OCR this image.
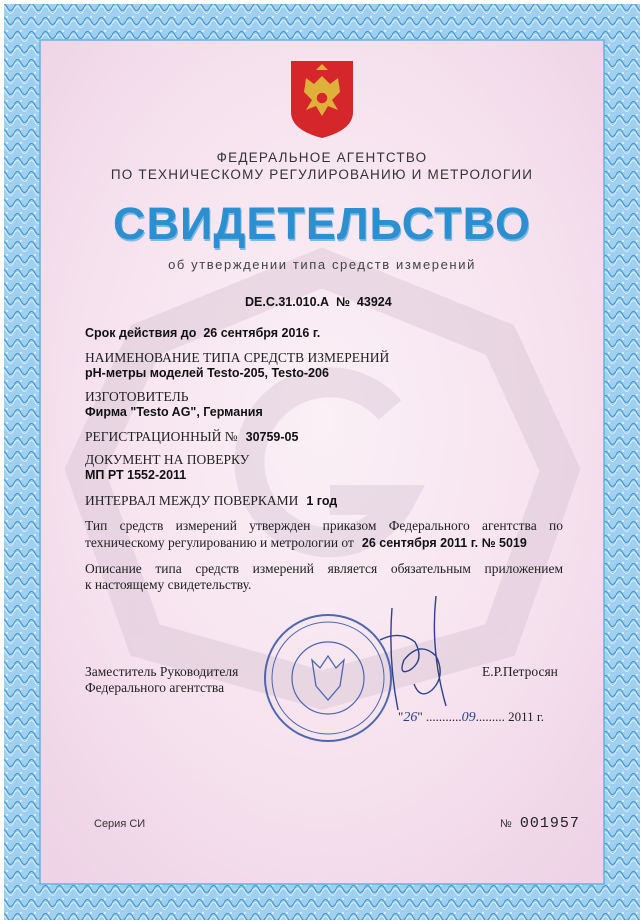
ФЕДЕРАЛЬНОЕ АГЕНТСТВО
ПО ТЕХНИЧЕСКОМУ РЕГУЛИРОВАНИЮ И МЕТРОЛОГИИ
СВИДЕТЕЛЬСТВО
об утверждении типа средств измерений
DE.C.31.010.A № 43924
Срок действия до 26 сентября 2016 г.
НАИМЕНОВАНИЕ ТИПА СРЕДСТВ ИЗМЕРЕНИЙ
pH-метры моделей Testo-205, Testo-206
ИЗГОТОВИТЕЛЬ
Фирма "Testo AG", Германия
РЕГИСТРАЦИОННЫЙ № 30759-05
ДОКУМЕНТ НА ПОВЕРКУ
МП РТ 1552-2011
ИНТЕРВАЛ МЕЖДУ ПОВЕРКАМИ 1 год
Тип средств измерений утвержден приказом Федерального агентства по
техническому регулированию и метрологии от 26 сентября 2011 г. № 5019
Описание типа средств измерений является обязательным приложением
к настоящему свидетельству.
Заместитель Руководителя
Федерального агентства
Е.Р.Петросян
"26" ...........09......... 2011 г.
Серия СИ	№ 001957
